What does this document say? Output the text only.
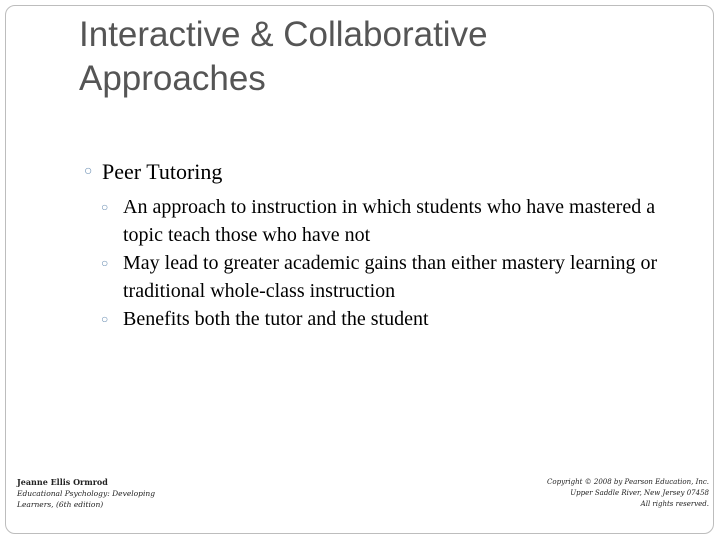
Interactive & Collaborative Approaches
○ Peer Tutoring
○ An approach to instruction in which students who have mastered a topic teach those who have not
○ May lead to greater academic gains than either mastery learning or traditional whole-class instruction
○ Benefits both the tutor and the student
Jeanne Ellis Ormrod
Educational Psychology: Developing
Learners, (6th edition)
Copyright © 2008 by Pearson Education, Inc.
Upper Saddle River, New Jersey 07458
All rights reserved.
